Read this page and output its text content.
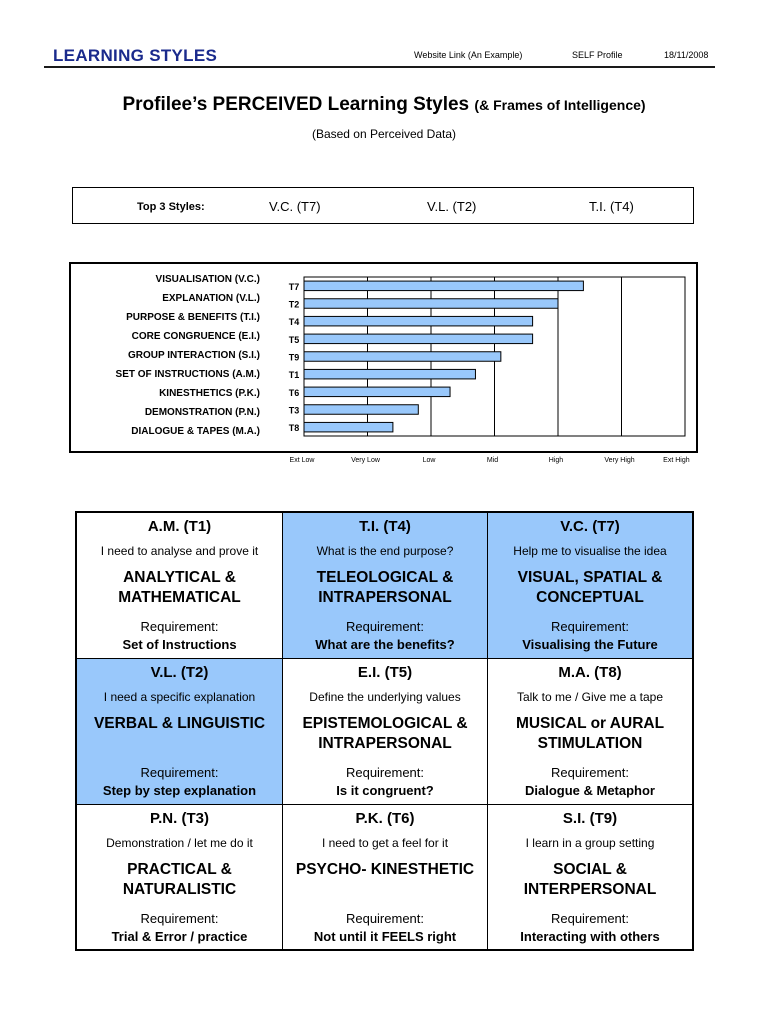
LEARNING STYLES	Website Link (An Example)	SELF Profile	18/11/2008
Profilee’s PERCEIVED Learning Styles (& Frames of Intelligence)
(Based on Perceived Data)
Top 3 Styles:	V.C. (T7)	V.L. (T2)	T.I. (T4)
T7
VISUALISATION (V.C.)
T2
EXPLANATION (V.L.)
T4
PURPOSE & BENEFITS (T.I.)
T5
CORE CONGRUENCE (E.I.)
T9
GROUP INTERACTION (S.I.)
T1
SET OF INSTRUCTIONS (A.M.)
T6
KINESTHETICS (P.K.)
T3
DEMONSTRATION (P.N.)
T8
DIALOGUE & TAPES (M.A.)
A.M. (T1)
I need to analyse and prove it
ANALYTICAL & MATHEMATICAL
Requirement:
Set of Instructions
T.I. (T4)
What is the end purpose?
TELEOLOGICAL & INTRAPERSONAL
Requirement:
What are the benefits?
V.C. (T7)
Help me to visualise the idea
VISUAL, SPATIAL & CONCEPTUAL
Requirement:
Visualising the Future
V.L. (T2)
I need a specific explanation
VERBAL & LINGUISTIC
Requirement:
Step by step explanation
E.I. (T5)
Define the underlying values
EPISTEMOLOGICAL & INTRAPERSONAL
Requirement:
Is it congruent?
M.A. (T8)
Talk to me / Give me a tape
MUSICAL or AURAL STIMULATION
Requirement:
Dialogue & Metaphor
P.N. (T3)
Demonstration / let me do it
PRACTICAL & NATURALISTIC
Requirement:
Trial & Error / practice
P.K. (T6)
I need to get a feel for it
PSYCHO- KINESTHETIC
Requirement:
Not until it FEELS right
S.I. (T9)
I learn in a group setting
SOCIAL & INTERPERSONAL
Requirement:
Interacting with others
Ext Low	Very Low	Low	Mid	High	Very High	Ext High
